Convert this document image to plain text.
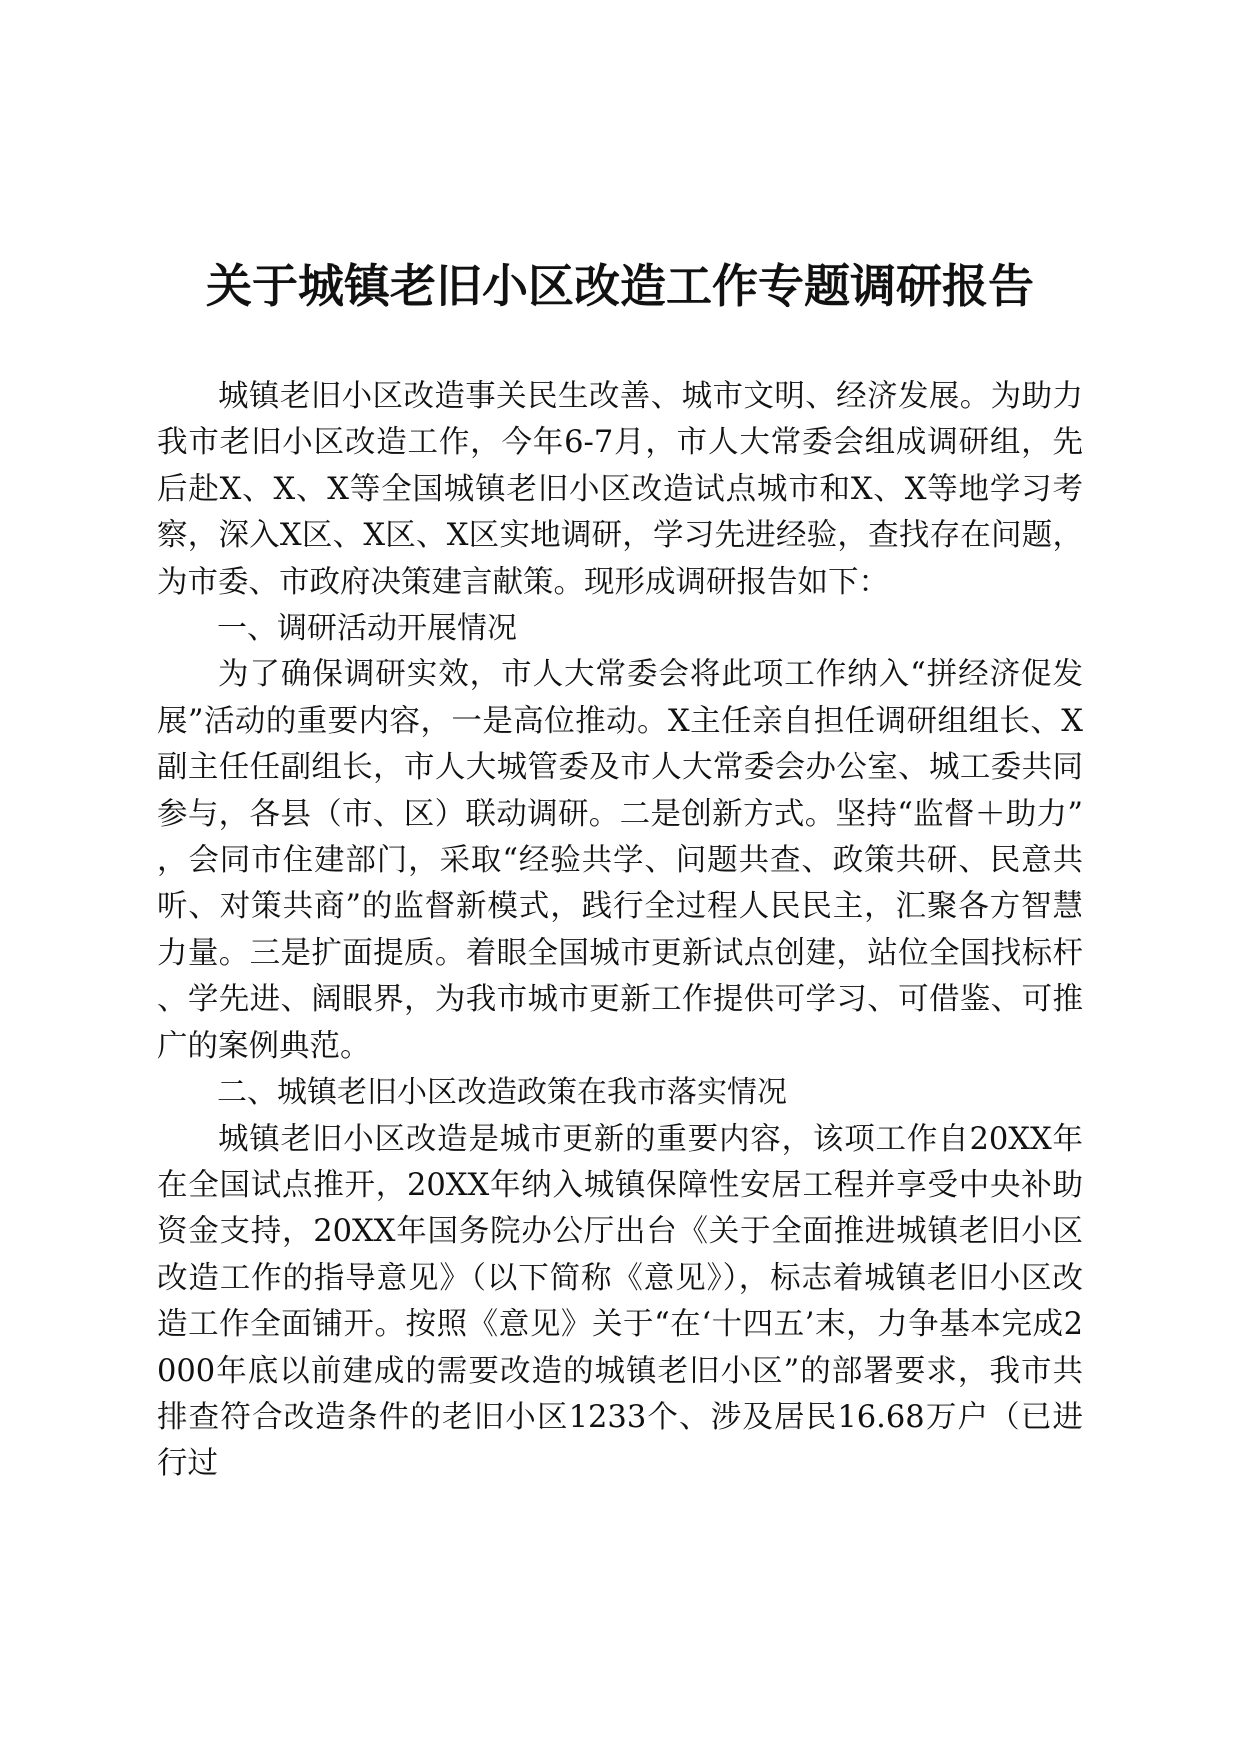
关于城镇老旧小区改造工作专题调研报告

城镇老旧小区改造事关民生改善、城市文明、经济发展。为助力我市老旧小区改造工作，今年6-7月，市人大常委会组成调研组，先后赴X、X、X等全国城镇老旧小区改造试点城市和X、X等地学习考察，深入X区、X区、X区实地调研，学习先进经验，查找存在问题，为市委、市政府决策建言献策。现形成调研报告如下：

一、调研活动开展情况

为了确保调研实效，市人大常委会将此项工作纳入“拼经济促发展”活动的重要内容，一是高位推动。X主任亲自担任调研组组长、X副主任任副组长，市人大城管委及市人大常委会办公室、城工委共同参与，各县（市、区）联动调研。二是创新方式。坚持“监督＋助力”，会同市住建部门，采取“经验共学、问题共查、政策共研、民意共听、对策共商”的监督新模式，践行全过程人民民主，汇聚各方智慧力量。三是扩面提质。着眼全国城市更新试点创建，站位全国找标杆、学先进、阔眼界，为我市城市更新工作提供可学习、可借鉴、可推广的案例典范。

二、城镇老旧小区改造政策在我市落实情况

城镇老旧小区改造是城市更新的重要内容，该项工作自20XX年在全国试点推开，20XX年纳入城镇保障性安居工程并享受中央补助资金支持，20XX年国务院办公厅出台《关于全面推进城镇老旧小区改造工作的指导意见》（以下简称《意见》），标志着城镇老旧小区改造工作全面铺开。按照《意见》关于“在‘十四五’末，力争基本完成2000年底以前建成的需要改造的城镇老旧小区”的部署要求，我市共排查符合改造条件的老旧小区1233个、涉及居民16.68万户（已进行过
